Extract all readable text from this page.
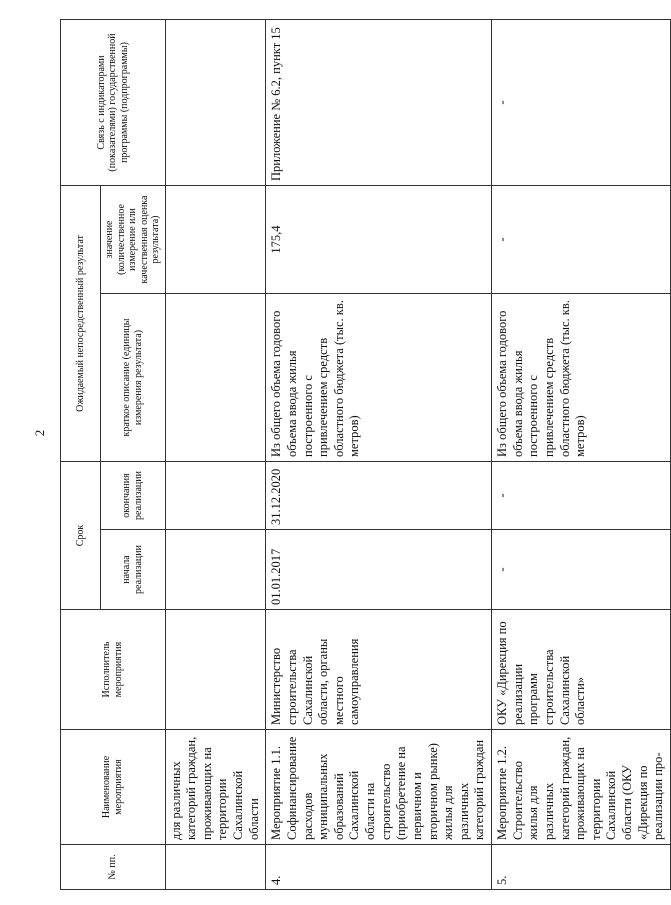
2
№ пп.	Наименование мероприятия	Исполнитель мероприятия	Срок		Ожидаемый непосредственный результат		Связь с индикаторами (показателями) государственной программы (подпрограммы)
			начала реализации	окончания реализации	краткое описание (единицы измерения результата)	значение (количественное измерение или качественная оценка результата)	
	для различных категорий граждан, проживающих на территории Сахалинской области						
4.	Мероприятие 1.1. Софинансирование расходов муниципальных образований Сахалинской области на строительство (приобретение на первичном и вторичном рынке) жилья для различных категорий граждан	Министерство строительства Сахалинской области, органы местного самоуправления	01.01.2017	31.12.2020	Из общего объема годового объема ввода жилья построенного с привлечением средств областного бюджета (тыс. кв. метров)	175,4	Приложение № 6.2, пункт 15
5.	Мероприятие 1.2. Строительство жилья для различных категорий граждан, проживающих на территории Сахалинской области (ОКУ «Дирекция по реализации про-	ОКУ «Дирекция по реализации программ строительства Сахалинской области»	-	-	Из общего объема годового объема ввода жилья построенного с привлечением средств областного бюджета (тыс. кв. метров)	-	-
